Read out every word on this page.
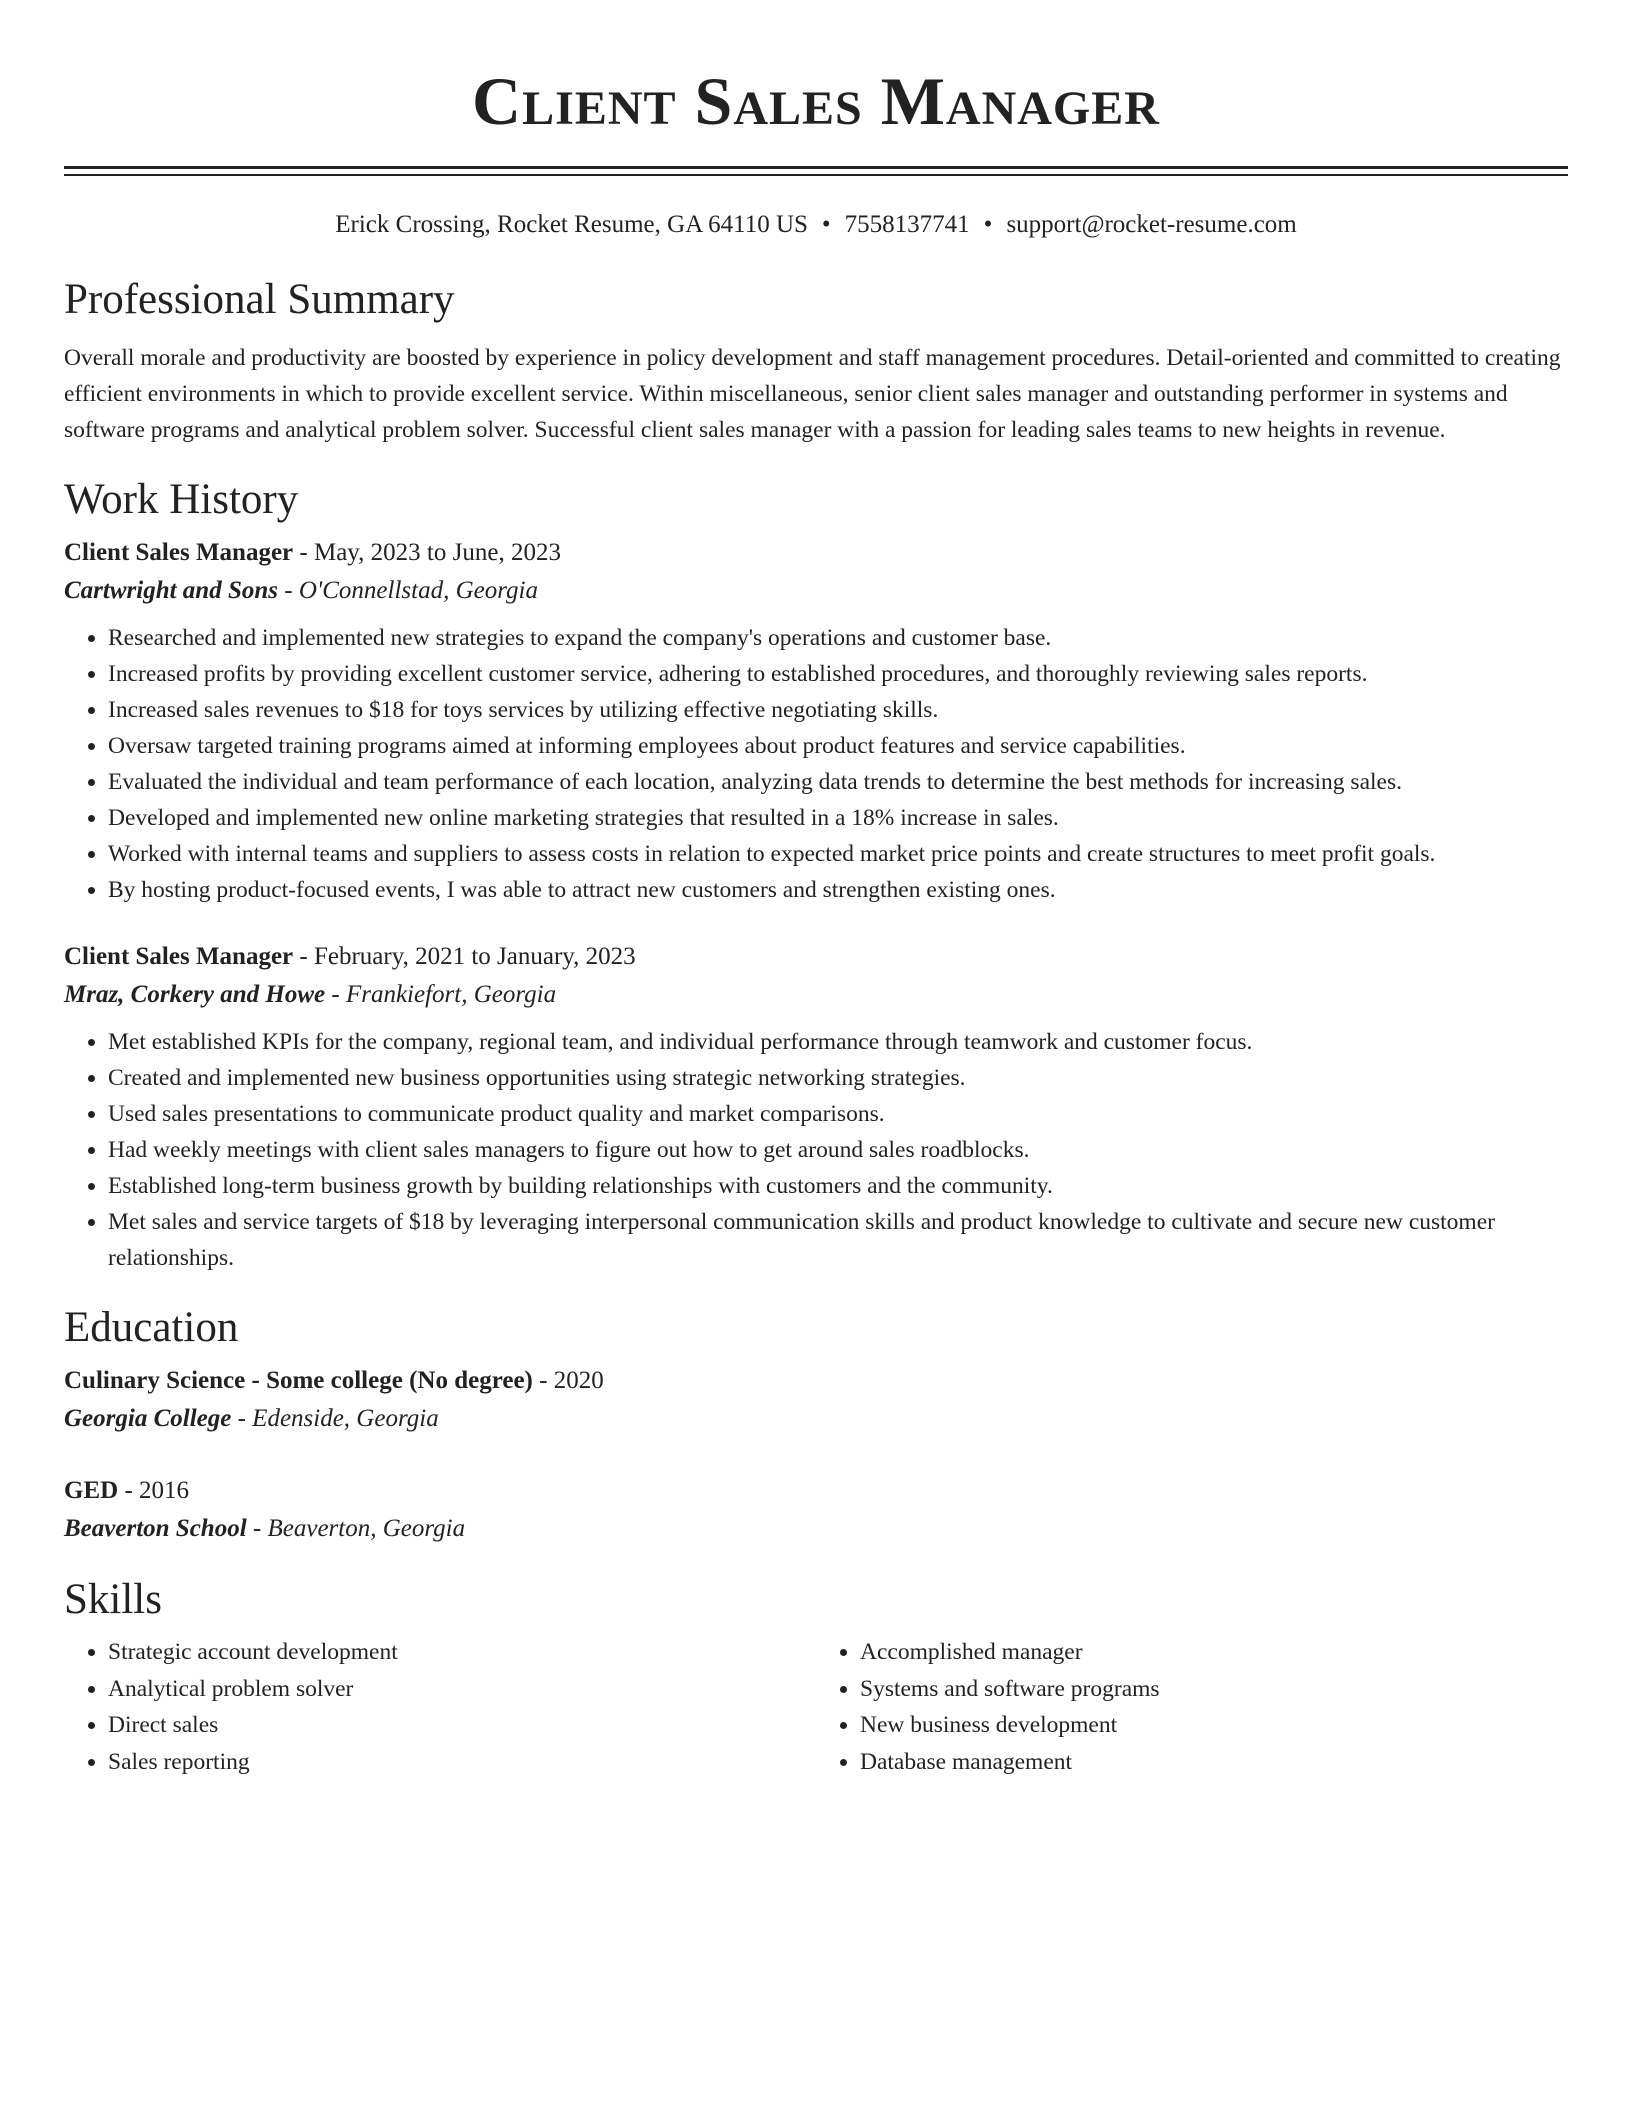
Client Sales Manager
Erick Crossing, Rocket Resume, GA 64110 US • 7558137741 • support@rocket-resume.com
Professional Summary

Overall morale and productivity are boosted by experience in policy development and staff management procedures. Detail-oriented and committed to creating efficient environments in which to provide excellent service. Within miscellaneous, senior client sales manager and outstanding performer in systems and software programs and analytical problem solver. Successful client sales manager with a passion for leading sales teams to new heights in revenue.

Work History
Client Sales Manager - May, 2023 to June, 2023
Cartwright and Sons - O'Connellstad, Georgia
• Researched and implemented new strategies to expand the company's operations and customer base.
• Increased profits by providing excellent customer service, adhering to established procedures, and thoroughly reviewing sales reports.
• Increased sales revenues to $18 for toys services by utilizing effective negotiating skills.
• Oversaw targeted training programs aimed at informing employees about product features and service capabilities.
• Evaluated the individual and team performance of each location, analyzing data trends to determine the best methods for increasing sales.
• Developed and implemented new online marketing strategies that resulted in a 18% increase in sales.
• Worked with internal teams and suppliers to assess costs in relation to expected market price points and create structures to meet profit goals.
• By hosting product-focused events, I was able to attract new customers and strengthen existing ones.
Client Sales Manager - February, 2021 to January, 2023
Mraz, Corkery and Howe - Frankiefort, Georgia
• Met established KPIs for the company, regional team, and individual performance through teamwork and customer focus.
• Created and implemented new business opportunities using strategic networking strategies.
• Used sales presentations to communicate product quality and market comparisons.
• Had weekly meetings with client sales managers to figure out how to get around sales roadblocks.
• Established long-term business growth by building relationships with customers and the community.
• Met sales and service targets of $18 by leveraging interpersonal communication skills and product knowledge to cultivate and secure new customer relationships.
Education
Culinary Science - Some college (No degree) - 2020
Georgia College - Edenside, Georgia
GED - 2016
Beaverton School - Beaverton, Georgia
Skills
• Strategic account development
• Analytical problem solver
• Direct sales
• Sales reporting
• Accomplished manager
• Systems and software programs
• New business development
• Database management
